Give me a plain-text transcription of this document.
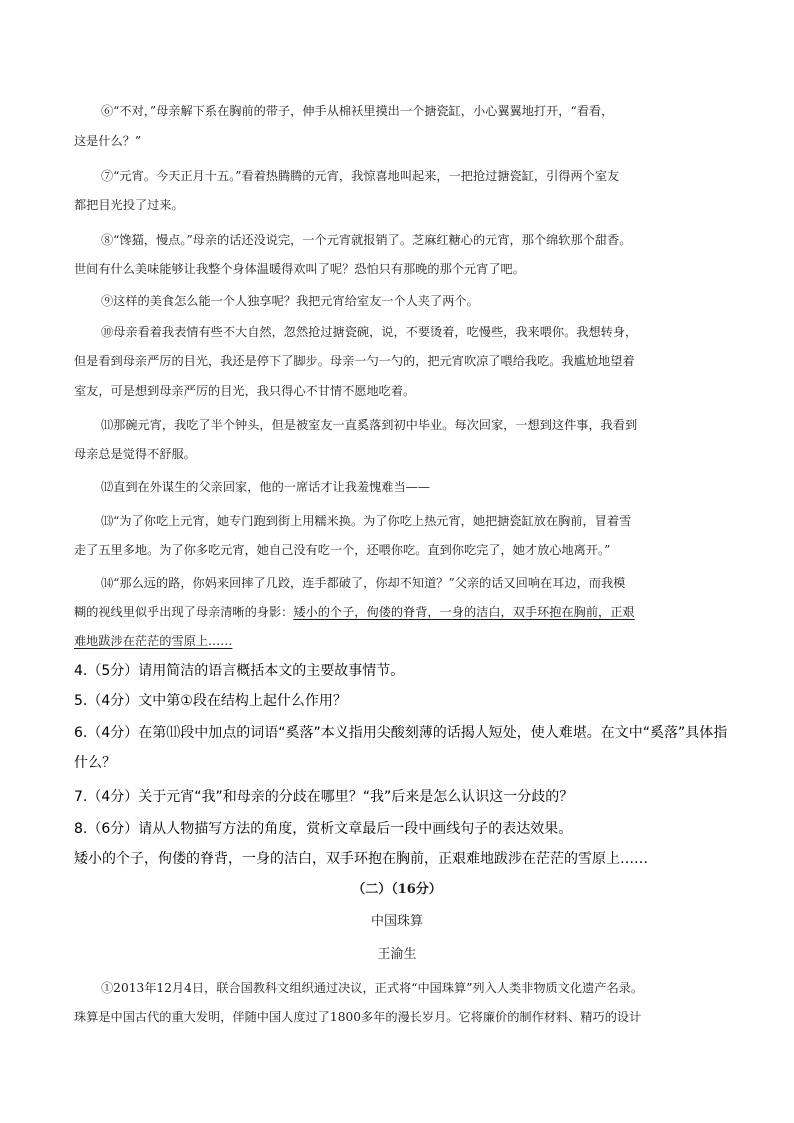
⑥“不对，”母亲解下系在胸前的带子，伸手从棉袄里摸出一个搪瓷缸，小心翼翼地打开，“看看，
这是什么？”
⑦“元宵。今天正月十五。”看着热腾腾的元宵，我惊喜地叫起来，一把抢过搪瓷缸，引得两个室友
都把目光投了过来。
⑧“馋猫，慢点。”母亲的话还没说完，一个元宵就报销了。芝麻红糖心的元宵，那个绵软那个甜香。
世间有什么美味能够让我整个身体温暖得欢叫了呢？恐怕只有那晚的那个元宵了吧。
⑨这样的美食怎么能一个人独享呢？我把元宵给室友一个人夹了两个。
⑩母亲看着我表情有些不大自然，忽然抢过搪瓷碗，说，不要烫着，吃慢些，我来喂你。我想转身，
但是看到母亲严厉的目光，我还是停下了脚步。母亲一勺一勺的，把元宵吹凉了喂给我吃。我尴尬地望着
室友，可是想到母亲严厉的目光，我只得心不甘情不愿地吃着。
⑾那碗元宵，我吃了半个钟头，但是被室友一直奚落到初中毕业。每次回家，一想到这件事，我看到
母亲总是觉得不舒服。
⑿直到在外谋生的父亲回家，他的一席话才让我羞愧难当——
⒀“为了你吃上元宵，她专门跑到街上用糯米换。为了你吃上热元宵，她把搪瓷缸放在胸前，冒着雪
走了五里多地。为了你多吃元宵，她自己没有吃一个，还喂你吃。直到你吃完了，她才放心地离开。”
⒁“那么远的路，你妈来回摔了几跤，连手都破了，你却不知道？”父亲的话又回响在耳边，而我模
糊的视线里似乎出现了母亲清晰的身影：矮小的个子，佝偻的脊背，一身的洁白，双手环抱在胸前，正艰
难地跋涉在茫茫的雪原上……
4.（5分）请用简洁的语言概括本文的主要故事情节。
5.（4分）文中第①段在结构上起什么作用？
6.（4分）在第⑾段中加点的词语“奚落”本义指用尖酸刻薄的话揭人短处，使人难堪。在文中“奚落”具体指
什么？
7.（4分）关于元宵“我”和母亲的分歧在哪里？“我”后来是怎么认识这一分歧的？
8.（6分）请从人物描写方法的角度，赏析文章最后一段中画线句子的表达效果。
矮小的个子，佝偻的脊背，一身的洁白，双手环抱在胸前，正艰难地跋涉在茫茫的雪原上……
（二）（16分）
中国珠算
王渝生
①2013年12月4日，联合国教科文组织通过决议，正式将“中国珠算”列入人类非物质文化遗产名录。
珠算是中国古代的重大发明，伴随中国人度过了1800多年的漫长岁月。它将廉价的制作材料、精巧的设计
